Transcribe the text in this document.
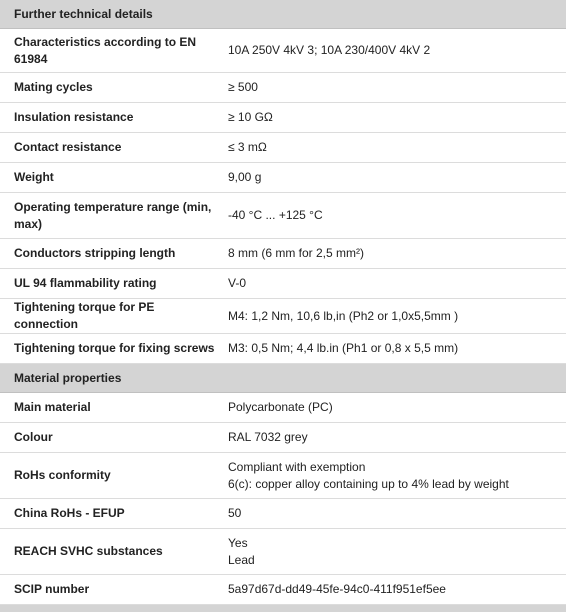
Further technical details	
Characteristics according to EN 61984	10A 250V 4kV 3; 10A 230/400V 4kV 2

Mating cycles	≥ 500

Insulation resistance	≥ 10 GΩ

Contact resistance	≤ 3 mΩ

Weight	9,00 g

Operating temperature range (min, max)	-40 °C ... +125 °C

Conductors stripping length	8 mm (6 mm for 2,5 mm²)

UL 94 flammability rating	V-0

Tightening torque for PE connection	M4: 1,2 Nm, 10,6 lb,in (Ph2 or 1,0x5,5mm )

Tightening torque for fixing screws	M3: 0,5 Nm; 4,4 lb.in (Ph1 or 0,8 x 5,5 mm)

Material properties	
Main material	Polycarbonate (PC)

Colour	RAL 7032 grey

RoHs conformity	Compliant with exemption
6(c): copper alloy containing up to 4% lead by weight

China RoHs - EFUP	50

REACH SVHC substances	Yes
Lead

SCIP number	5a97d67d-dd49-45fe-94c0-411f951ef5ee
